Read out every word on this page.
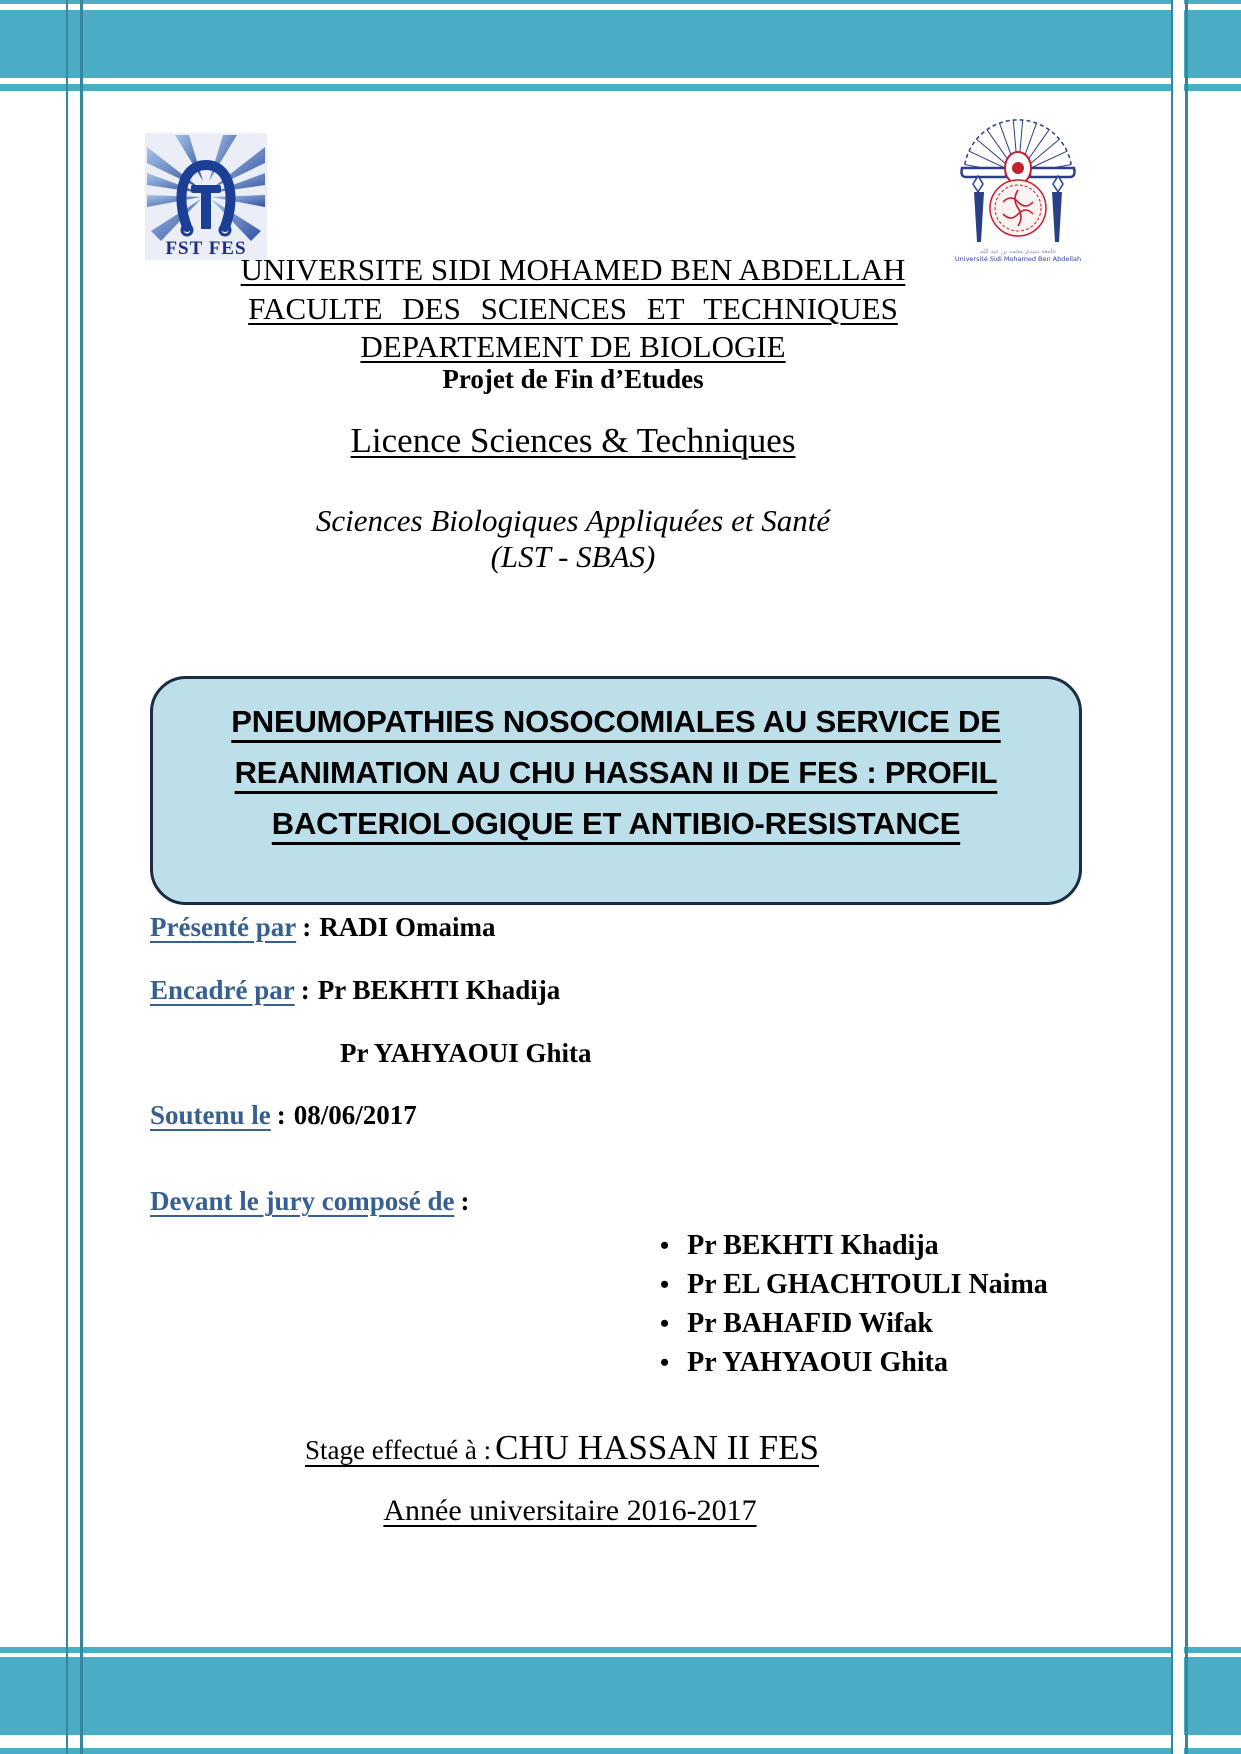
FST FES	جامعة سيدي محمد بن عبد الله
Université Sidi Mohamed Ben Abdellah
UNIVERSITE SIDI MOHAMED BEN ABDELLAH
FACULTE DES SCIENCES ET TECHNIQUES
DEPARTEMENT DE BIOLOGIE
Projet de Fin d’Etudes
Licence Sciences & Techniques
Sciences Biologiques Appliquées et Santé
(LST - SBAS)
PNEUMOPATHIES NOSOCOMIALES AU SERVICE DE
REANIMATION AU CHU HASSAN II DE FES : PROFIL
BACTERIOLOGIQUE ET ANTIBIO-RESISTANCE
Présenté par : RADI Omaima
Encadré par : Pr BEKHTI Khadija
Pr YAHYAOUI Ghita
Soutenu le : 08/06/2017
Devant le jury composé de :
• Pr BEKHTI Khadija
• Pr EL GHACHTOULI Naima
• Pr BAHAFID Wifak
• Pr YAHYAOUI Ghita
Stage effectué à : CHU HASSAN II FES
Année universitaire 2016-2017
